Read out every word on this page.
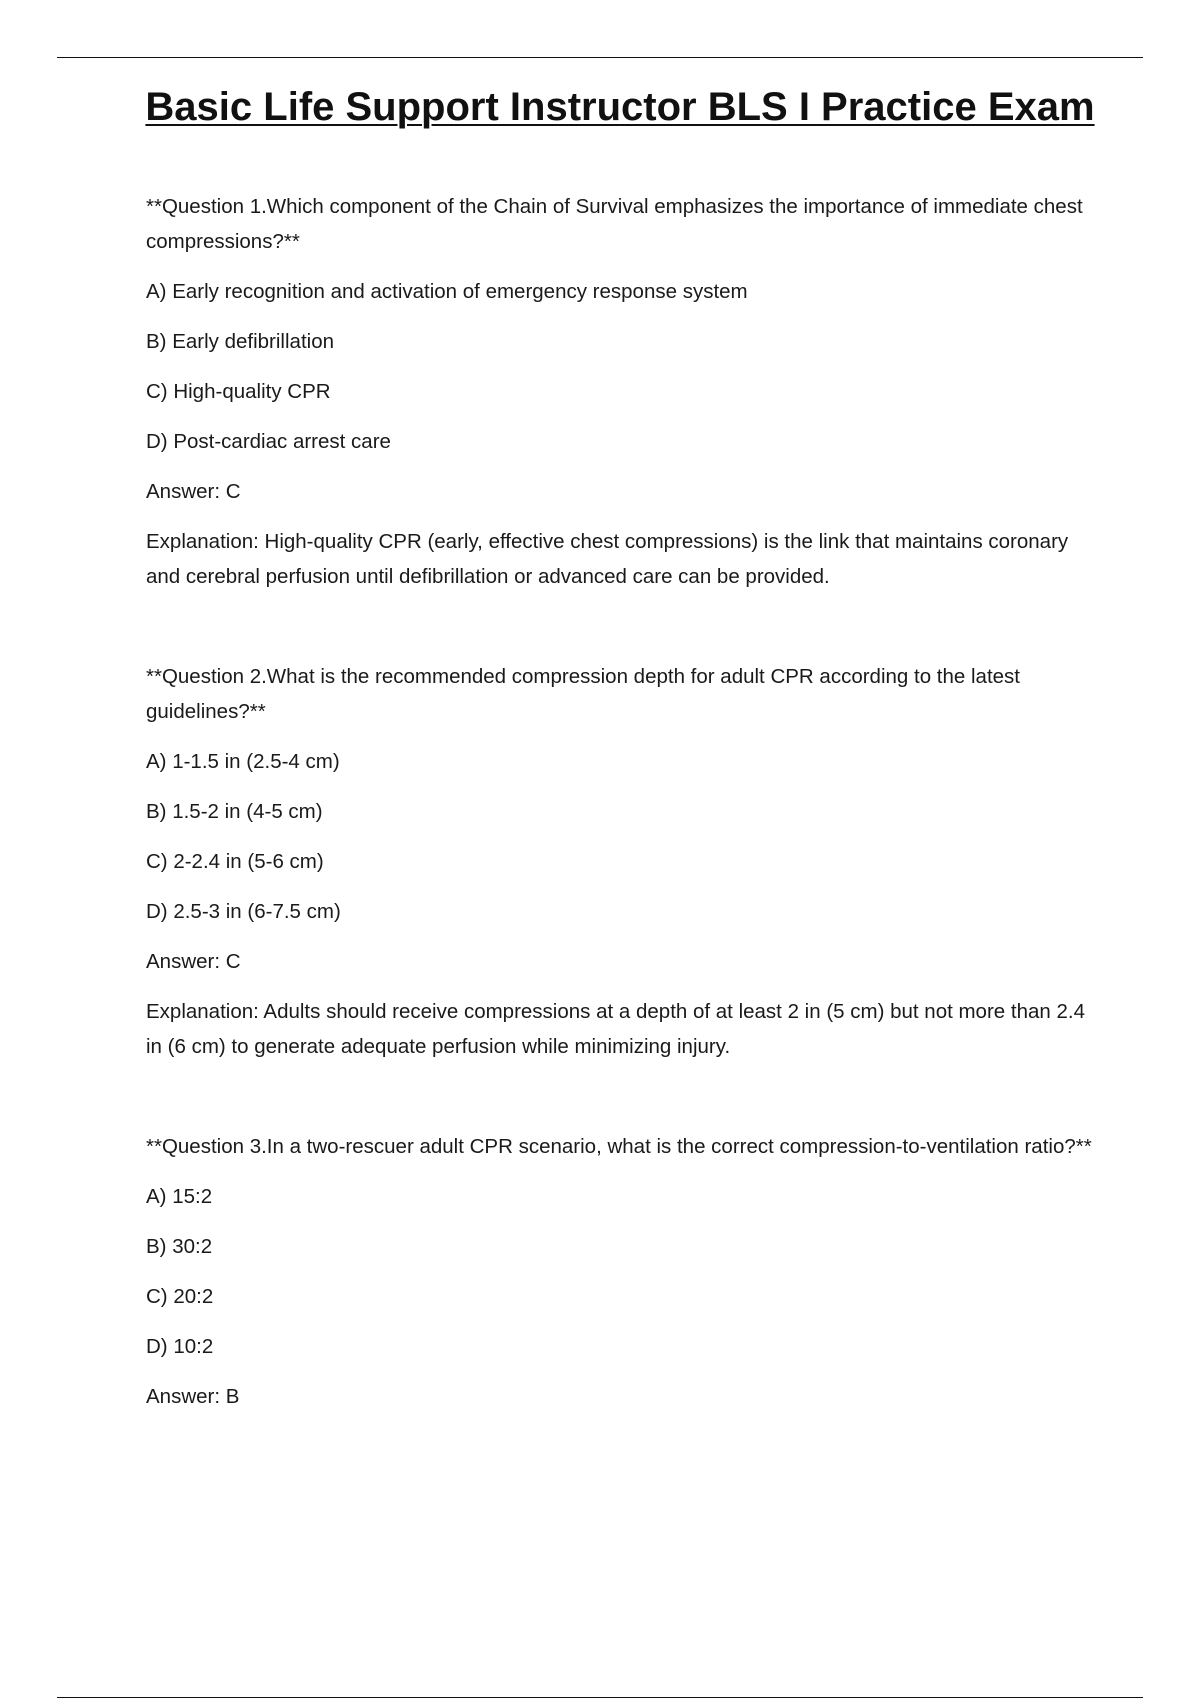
Basic Life Support Instructor BLS I Practice Exam

**Question 1.Which component of the Chain of Survival emphasizes the importance of immediate chest compressions?**

A) Early recognition and activation of emergency response system

B) Early defibrillation

C) High-quality CPR

D) Post-cardiac arrest care

Answer: C

Explanation: High-quality CPR (early, effective chest compressions) is the link that maintains coronary and cerebral perfusion until defibrillation or advanced care can be provided.

**Question 2.What is the recommended compression depth for adult CPR according to the latest guidelines?**

A) 1-1.5 in (2.5-4 cm)

B) 1.5-2 in (4-5 cm)

C) 2-2.4 in (5-6 cm)

D) 2.5-3 in (6-7.5 cm)

Answer: C

Explanation: Adults should receive compressions at a depth of at least 2 in (5 cm) but not more than 2.4 in (6 cm) to generate adequate perfusion while minimizing injury.

**Question 3.In a two-rescuer adult CPR scenario, what is the correct compression-to-ventilation ratio?**

A) 15:2

B) 30:2

C) 20:2

D) 10:2

Answer: B
